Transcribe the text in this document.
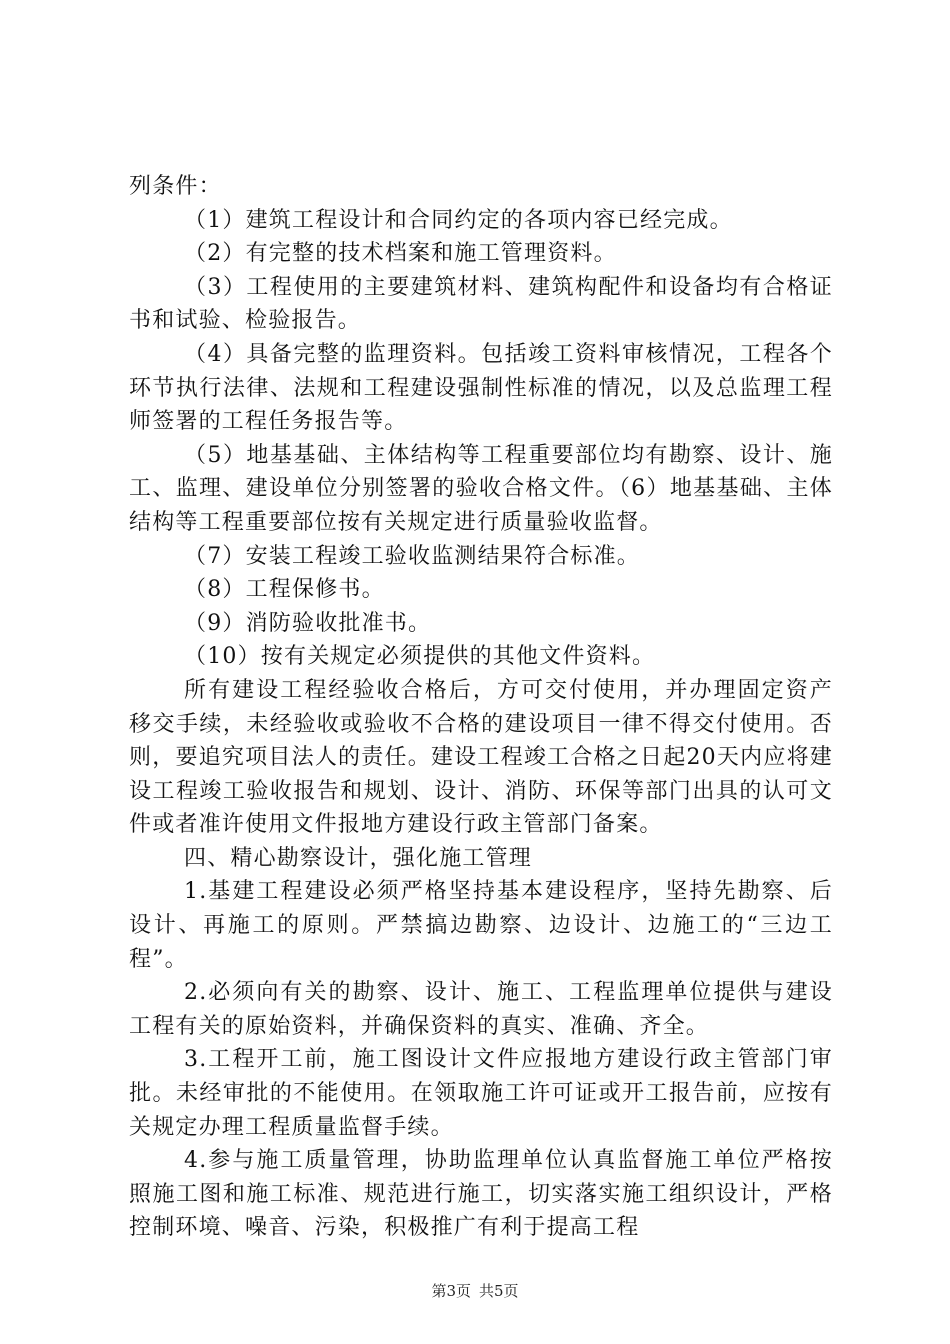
列条件：

（1）建筑工程设计和合同约定的各项内容已经完成。

（2）有完整的技术档案和施工管理资料。

（3）工程使用的主要建筑材料、建筑构配件和设备均有合格证书和试验、检验报告。

（4）具备完整的监理资料。包括竣工资料审核情况，工程各个环节执行法律、法规和工程建设强制性标准的情况，以及总监理工程师签署的工程任务报告等。

（5）地基基础、主体结构等工程重要部位均有勘察、设计、施工、监理、建设单位分别签署的验收合格文件。（6）地基基础、主体结构等工程重要部位按有关规定进行质量验收监督。

（7）安装工程竣工验收监测结果符合标准。

（8）工程保修书。

（9）消防验收批准书。

（10）按有关规定必须提供的其他文件资料。

所有建设工程经验收合格后，方可交付使用，并办理固定资产移交手续，未经验收或验收不合格的建设项目一律不得交付使用。否则，要追究项目法人的责任。建设工程竣工合格之日起20天内应将建设工程竣工验收报告和规划、设计、消防、环保等部门出具的认可文件或者准许使用文件报地方建设行政主管部门备案。

四、精心勘察设计，强化施工管理

1.基建工程建设必须严格坚持基本建设程序，坚持先勘察、后设计、再施工的原则。严禁搞边勘察、边设计、边施工的“三边工程”。

2.必须向有关的勘察、设计、施工、工程监理单位提供与建设工程有关的原始资料，并确保资料的真实、准确、齐全。

3.工程开工前，施工图设计文件应报地方建设行政主管部门审批。未经审批的不能使用。在领取施工许可证或开工报告前，应按有关规定办理工程质量监督手续。

4.参与施工质量管理，协助监理单位认真监督施工单位严格按照施工图和施工标准、规范进行施工，切实落实施工组织设计，严格控制环境、噪音、污染，积极推广有利于提高工程

第3页 共5页
